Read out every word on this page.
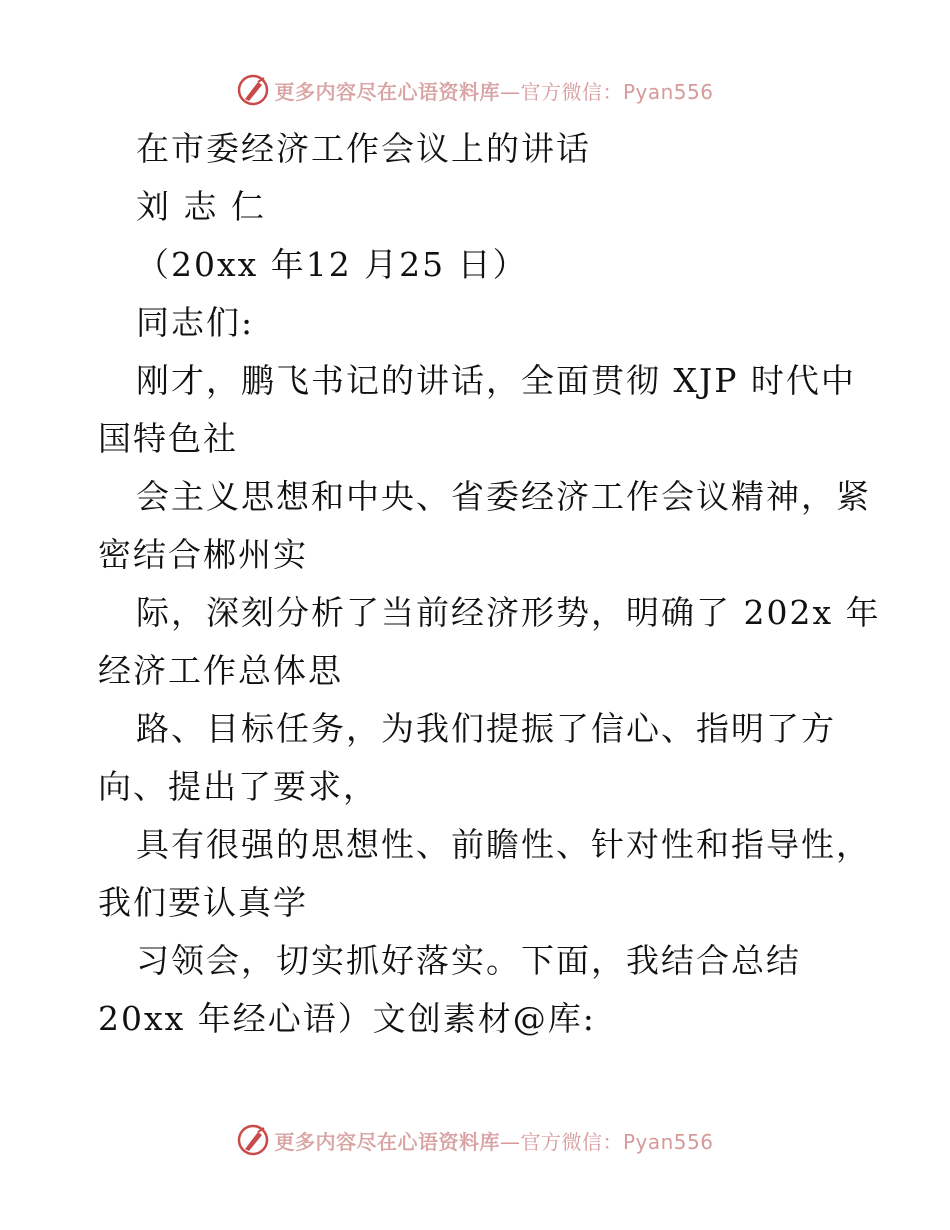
更多内容尽在心语资料库—官方微信：Pyan556
在市委经济工作会议上的讲话
刘 志 仁
（20xx 年12 月25 日）
同志们:
刚才，鹏飞书记的讲话，全面贯彻 XJP 时代中
国特色社
会主义思想和中央、省委经济工作会议精神，紧
密结合郴州实
际，深刻分析了当前经济形势，明确了 202x 年
经济工作总体思
路、目标任务，为我们提振了信心、指明了方
向、提出了要求，
具有很强的思想性、前瞻性、针对性和指导性，
我们要认真学
习领会，切实抓好落实。下面，我结合总结
20xx 年经心语）文创素材@库:
更多内容尽在心语资料库—官方微信：Pyan556
